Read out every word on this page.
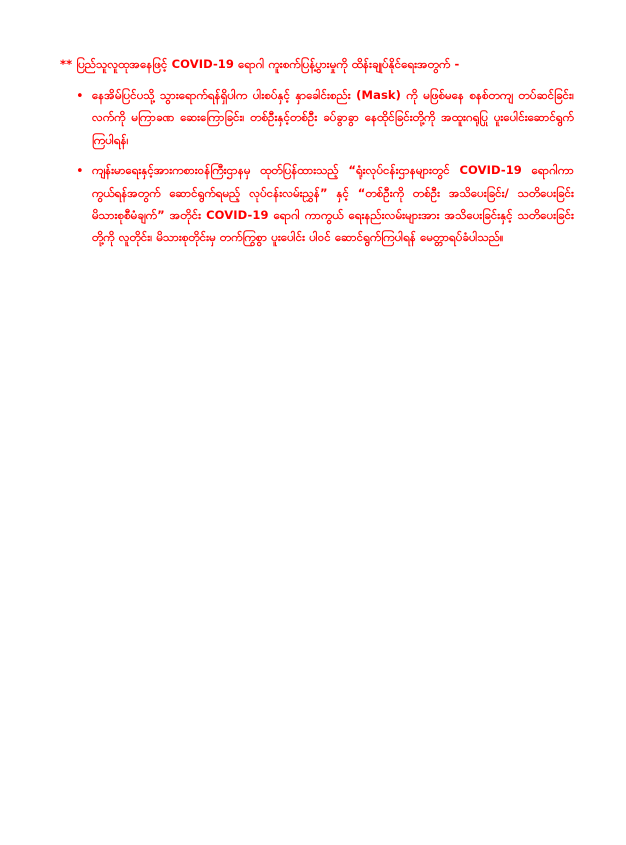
** ပြည်သူလူထုအနေဖြင့် COVID-19 ရောဂါ ကူးစက်ပြန့်ပွားမှုကို ထိန်းချုပ်နိုင်ရေးအတွက် -

• နေအိမ်ပြင်ပသို့ သွားရောက်ရန်ရှိပါက ပါးစပ်နှင့် နှာခေါင်းစည်း (Mask) ကို မဖြစ်မနေ စနစ်တကျ တပ်ဆင်ခြင်း၊ လက်ကို မကြာခဏ ဆေးကြောခြင်း၊ တစ်ဦးနှင့်တစ်ဦး ခပ်ခွာခွာ နေထိုင်ခြင်းတို့ကို အထူးဂရုပြု ပူးပေါင်းဆောင်ရွက်ကြပါရန်၊
• ကျန်းမာရေးနှင့်အားကစားဝန်ကြီးဌာနမှ ထုတ်ပြန်ထားသည့် “ရုံးလုပ်ငန်းဌာနများတွင် COVID-19 ရောဂါကာကွယ်ရန်အတွက် ဆောင်ရွက်ရမည့် လုပ်ငန်းလမ်းညွှန်” နှင့် “တစ်ဦးကို တစ်ဦး အသိပေးခြင်း/ သတိပေးခြင်း မိသားစုစီမံချက်” အတိုင်း COVID-19 ရောဂါ ကာကွယ် ရေးနည်းလမ်းများအား အသိပေးခြင်းနှင့် သတိပေးခြင်းတို့ကို လူတိုင်း၊ မိသားစုတိုင်းမှ တက်ကြွစွာ ပူးပေါင်း ပါဝင် ဆောင်ရွက်ကြပါရန် မေတ္တာရပ်ခံပါသည်။
